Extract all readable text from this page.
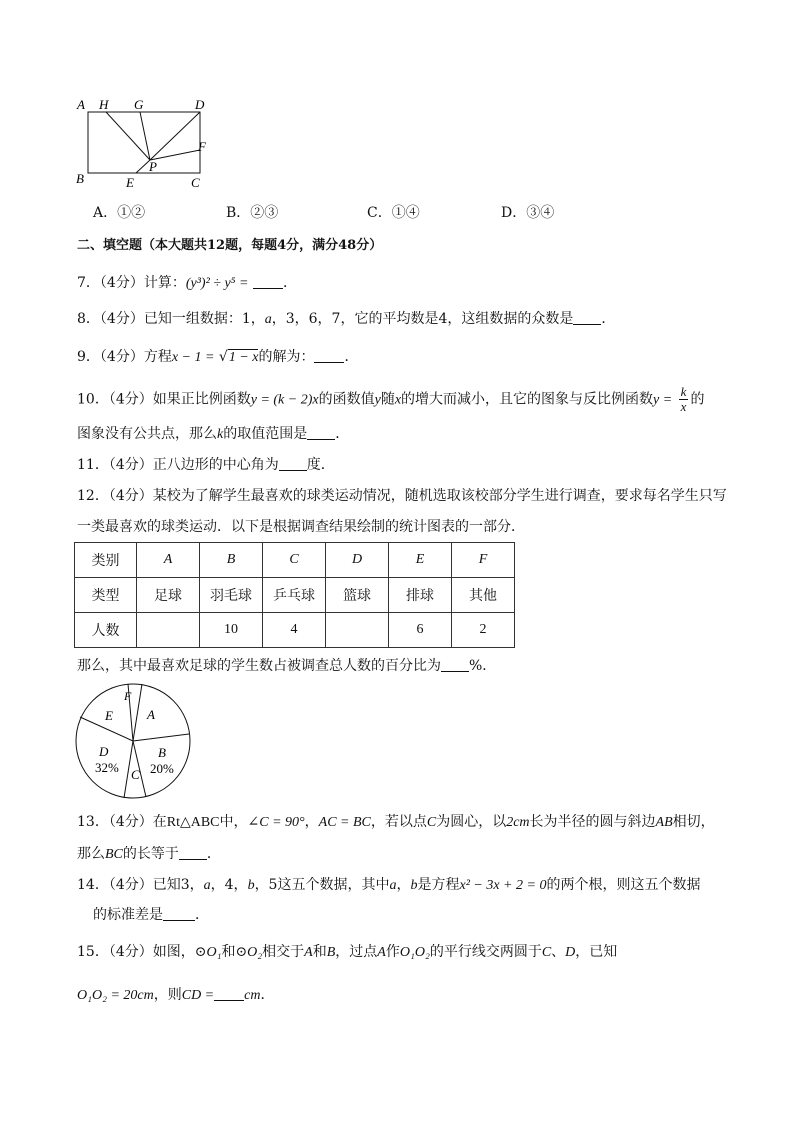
A H G	D
F
P
B	E	C
A．①②	B．②③	C．①④	D．③④
二、填空题（本大题共12题，每题4分，满分48分）
7．（4分）计算：(y³)² ÷ y⁵ = ．
8．（4分）已知一组数据：1，a，3，6，7，它的平均数是4，这组数据的众数是 ．
9．（4分）方程x − 1 = √1 − x的解为： ．
10．（4分）如果正比例函数y = (k − 2)x的函数值y随x的增大而减小，且它的图象与反比例函数$y = \frac{k}{x}$ 的
图象没有公共点，那么k的取值范围是 ．
11．（4分）正八边形的中心角为 度．
12．（4分）某校为了解学生最喜欢的球类运动情况，随机选取该校部分学生进行调查，要求每名学生只写
一类最喜欢的球类运动．以下是根据调查结果绘制的统计图表的一部分．
类别	A	B	C	D	E	F
类型	足球	羽毛球	乒乓球	篮球	排球	其他
人数		10	4		6	2
那么，其中最喜欢足球的学生数占被调查总人数的百分比为 %．
F
A
E
D
32%
B
20%
C
13．（4分）在Rt△ABC中，∠C = 90°，AC = BC，若以点C为圆心，以2cm长为半径的圆与斜边AB相切，
那么BC的长等于 ．
14．（4分）已知3，a，4，b，5这五个数据，其中a，b是方程x² − 3x + 2 = 0的两个根，则这五个数据
的标准差是 ．
15．（4分）如图，⊙O₁和⊙O₂相交于A和B，过点A作O₁O₂的平行线交两圆于C、D，已知
O₁O₂ = 20cm，则CD = cm．
